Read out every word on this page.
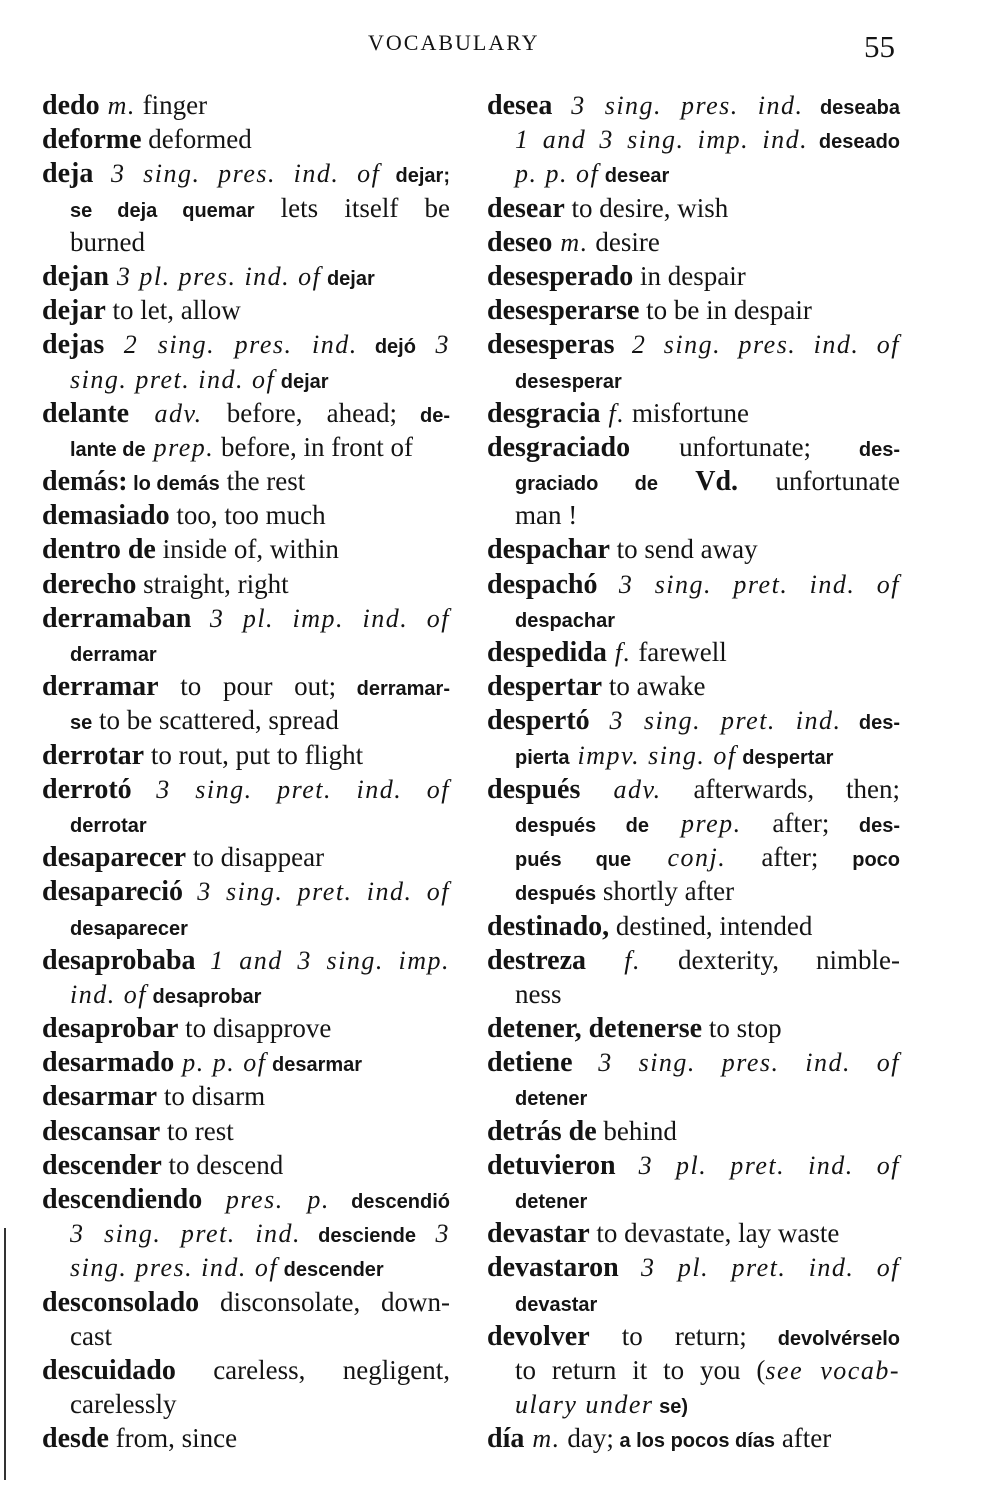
VOCABULARY	55
dedo m. finger
deforme deformed
deja 3 sing. pres. ind. of dejar;
se deja quemar lets itself be
burned
dejan 3 pl. pres. ind. of dejar
dejar to let, allow
dejas 2 sing. pres. ind. dejó 3
sing. pret. ind. of dejar
delante adv. before, ahead; de-
lante de prep. before, in front of
demás: lo demás the rest
demasiado too, too much
dentro de inside of, within
derecho straight, right
derramaban 3 pl. imp. ind. of
derramar
derramar to pour out; derramar-
se to be scattered, spread
derrotar to rout, put to flight
derrotó 3 sing. pret. ind. of
derrotar
desaparecer to disappear
desapareció 3 sing. pret. ind. of
desaparecer
desaprobaba 1 and 3 sing. imp.
ind. of desaprobar
desaprobar to disapprove
desarmado p. p. of desarmar
desarmar to disarm
descansar to rest
descender to descend
descendiendo pres. p. descendió
3 sing. pret. ind. desciende 3
sing. pres. ind. of descender
desconsolado disconsolate, down-
cast
descuidado careless, negligent,
carelessly
desde from, since
desea 3 sing. pres. ind. deseaba
1 and 3 sing. imp. ind. deseado
p. p. of desear
desear to desire, wish
deseo m. desire
desesperado in despair
desesperarse to be in despair
desesperas 2 sing. pres. ind. of
desesperar
desgracia f. misfortune
desgraciado unfortunate; des-
graciado de Vd. unfortunate
man !
despachar to send away
despachó 3 sing. pret. ind. of
despachar
despedida f. farewell
despertar to awake
despertó 3 sing. pret. ind. des-
pierta impv. sing. of despertar
después adv. afterwards, then;
después de prep. after; des-
pués que conj. after; poco
después shortly after
destinado, destined, intended
destreza f. dexterity, nimble-
ness
detener, detenerse to stop
detiene 3 sing. pres. ind. of
detener
detrás de behind
detuvieron 3 pl. pret. ind. of
detener
devastar to devastate, lay waste
devastaron 3 pl. pret. ind. of
devastar
devolver to return; devolvérselo
to return it to you (see vocab-
ulary under se)
día m. day; a los pocos días after
